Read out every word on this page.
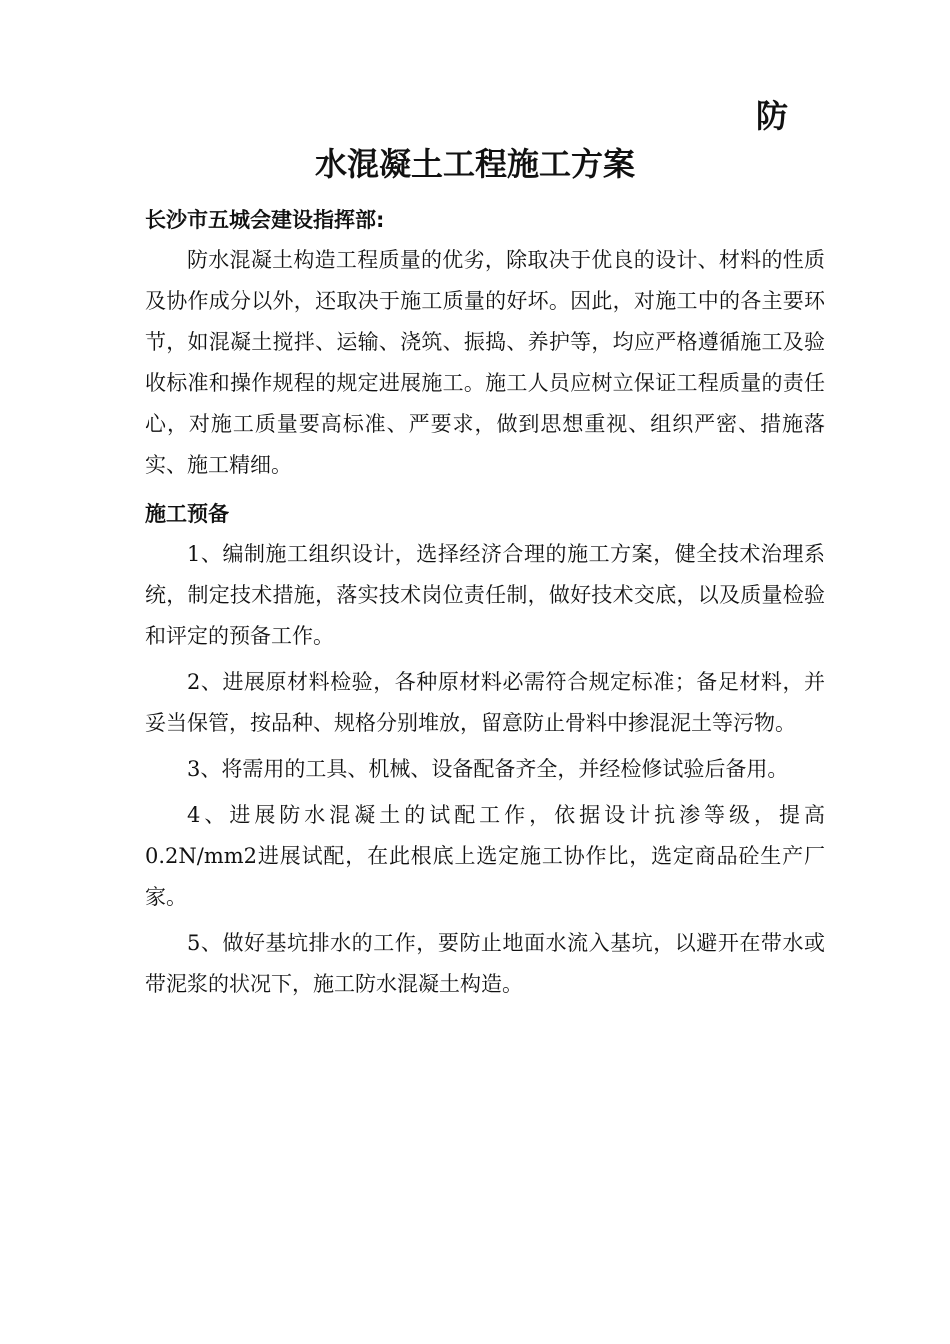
防
水混凝土工程施工方案

长沙市五城会建设指挥部:

防水混凝土构造工程质量的优劣，除取决于优良的设计、材料的性质及协作成分以外，还取决于施工质量的好坏。因此，对施工中的各主要环节，如混凝土搅拌、运输、浇筑、振捣、养护等，均应严格遵循施工及验收标准和操作规程的规定进展施工。施工人员应树立保证工程质量的责任心，对施工质量要高标准、严要求，做到思想重视、组织严密、措施落实、施工精细。

施工预备

1、编制施工组织设计，选择经济合理的施工方案，健全技术治理系统，制定技术措施，落实技术岗位责任制，做好技术交底，以及质量检验和评定的预备工作。

2、进展原材料检验，各种原材料必需符合规定标准；备足材料，并妥当保管，按品种、规格分别堆放，留意防止骨料中掺混泥土等污物。

3、将需用的工具、机械、设备配备齐全，并经检修试验后备用。

4、进展防水混凝土的试配工作，依据设计抗渗等级，提高0.2N/mm2进展试配，在此根底上选定施工协作比，选定商品砼生产厂家。

5、做好基坑排水的工作，要防止地面水流入基坑，以避开在带水或带泥浆的状况下，施工防水混凝土构造。
